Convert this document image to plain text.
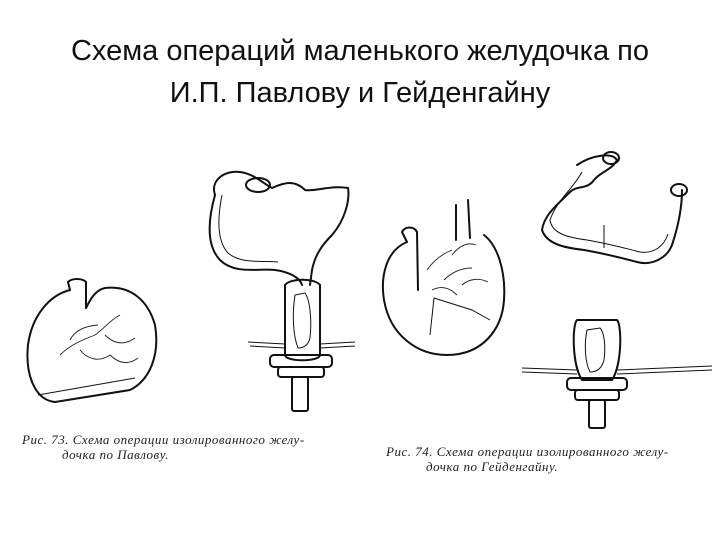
Схема операций маленького желудочка по
И.П. Павлову и Гейденгайну
Рис. 73. Схема операции изолированного желу-
дочка по Павлову.	Рис. 74. Схема операции изолированного желу-
дочка по Гейденгайну.
